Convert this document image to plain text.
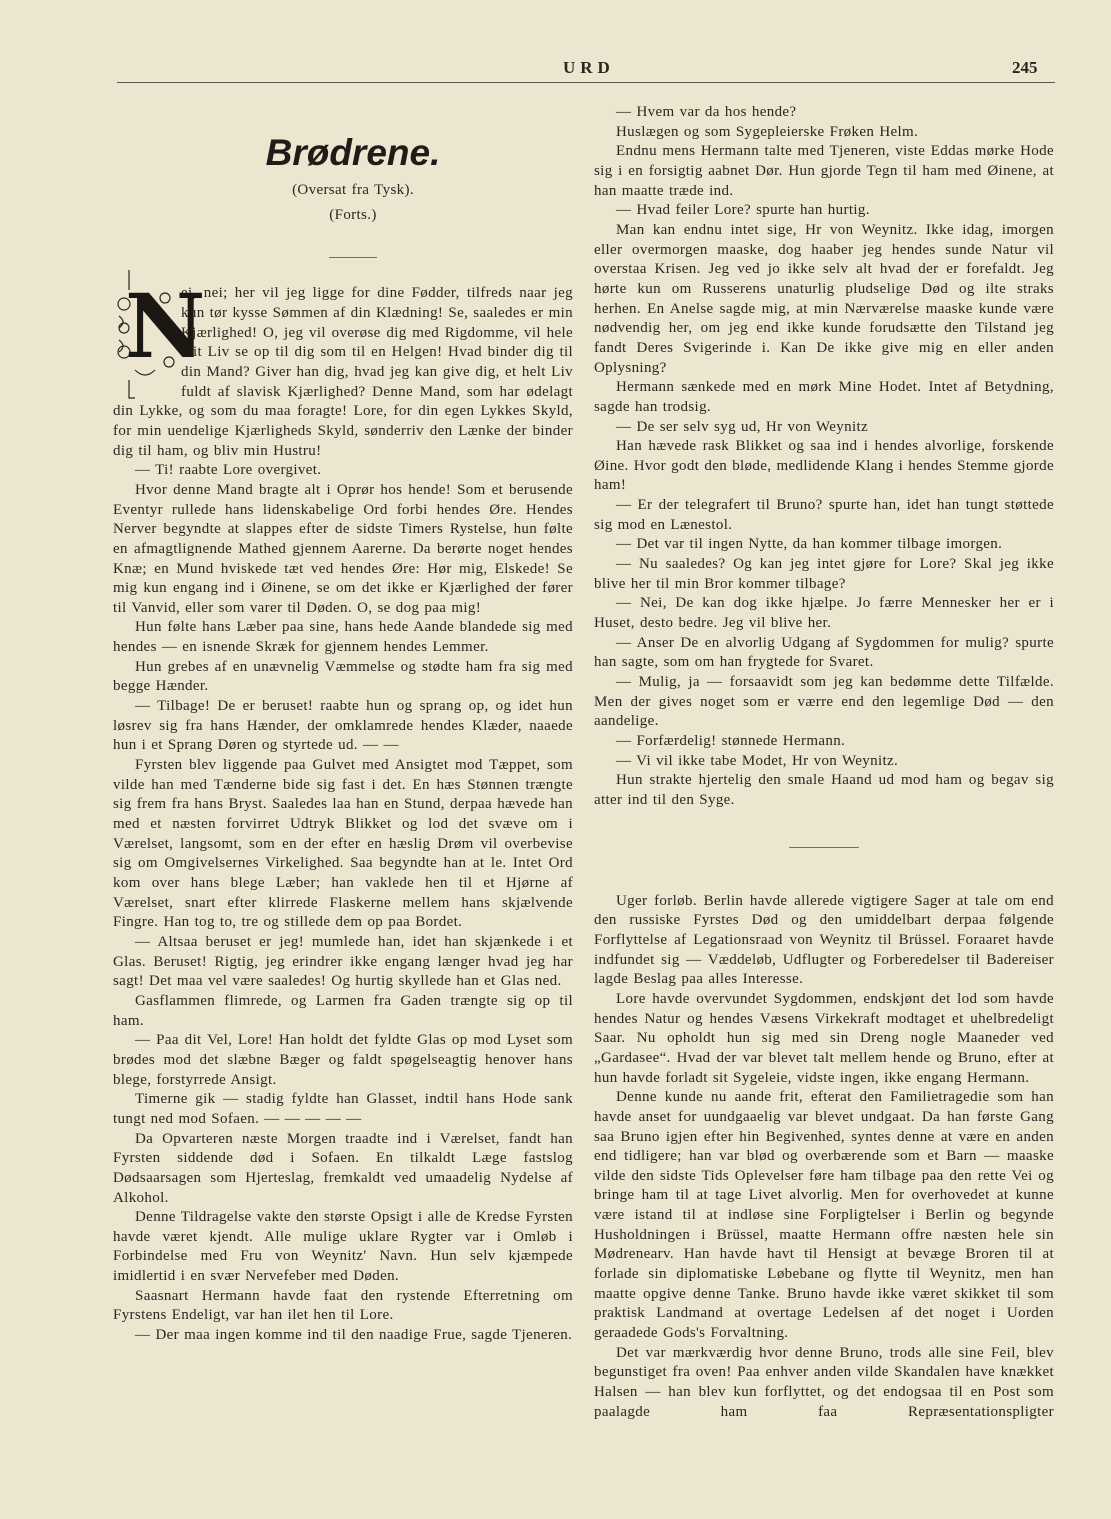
URD	245
Brødrene.
(Oversat fra Tysk).
(Forts.)

N
ei, nei; her vil jeg ligge for dine Fødder, tilfreds naar jeg kun tør kysse Sømmen af din Klædning! Se, saaledes er min Kjærlighed! O, jeg vil overøse dig med Rigdomme, vil hele mit Liv se op til dig som til en Helgen! Hvad binder dig til din Mand? Giver han dig, hvad jeg kan give dig, et helt Liv fuldt af slavisk Kjærlighed? Denne Mand, som har ødelagt din Lykke, og som du maa foragte! Lore, for din egen Lykkes Skyld, for min uendelige Kjærligheds Skyld, sønderriv den Lænke der binder dig til ham, og bliv min Hustru!

— Ti! raabte Lore overgivet.

Hvor denne Mand bragte alt i Oprør hos hende! Som et berusende Eventyr rullede hans lidenskabelige Ord forbi hendes Øre. Hendes Nerver begyndte at slappes efter de sidste Timers Rystelse, hun følte en afmagtlignende Mathed gjennem Aarerne. Da berørte noget hendes Knæ; en Mund hviskede tæt ved hendes Øre: Hør mig, Elskede! Se mig kun engang ind i Øinene, se om det ikke er Kjærlighed der fører til Vanvid, eller som varer til Døden. O, se dog paa mig!

Hun følte hans Læber paa sine, hans hede Aande blandede sig med hendes — en isnende Skræk for gjennem hendes Lemmer.

Hun grebes af en unævnelig Væmmelse og stødte ham fra sig med begge Hænder.

— Tilbage! De er beruset! raabte hun og sprang op, og idet hun løsrev sig fra hans Hænder, der omklamrede hendes Klæder, naaede hun i et Sprang Døren og styrtede ud. — —

Fyrsten blev liggende paa Gulvet med Ansigtet mod Tæppet, som vilde han med Tænderne bide sig fast i det. En hæs Stønnen trængte sig frem fra hans Bryst. Saaledes laa han en Stund, derpaa hævede han med et næsten forvirret Udtryk Blikket og lod det svæve om i Værelset, langsomt, som en der efter en hæslig Drøm vil overbevise sig om Omgivelsernes Virkelighed. Saa begyndte han at le. Intet Ord kom over hans blege Læber; han vaklede hen til et Hjørne af Værelset, snart efter klirrede Flaskerne mellem hans skjælvende Fingre. Han tog to, tre og stillede dem op paa Bordet.

— Altsaa beruset er jeg! mumlede han, idet han skjænkede i et Glas. Beruset! Rigtig, jeg erindrer ikke engang længer hvad jeg har sagt! Det maa vel være saaledes! Og hurtig skyllede han et Glas ned.

Gasflammen flimrede, og Larmen fra Gaden trængte sig op til ham.

— Paa dit Vel, Lore! Han holdt det fyldte Glas op mod Lyset som brødes mod det slæbne Bæger og faldt spøgelseagtig henover hans blege, forstyrrede Ansigt.

Timerne gik — stadig fyldte han Glasset, indtil hans Hode sank tungt ned mod Sofaen. — — — — —

Da Opvarteren næste Morgen traadte ind i Værelset, fandt han Fyrsten siddende død i Sofaen. En tilkaldt Læge fastslog Dødsaarsagen som Hjerteslag, fremkaldt ved umaadelig Nydelse af Alkohol.

Denne Tildragelse vakte den største Opsigt i alle de Kredse Fyrsten havde været kjendt. Alle mulige uklare Rygter var i Omløb i Forbindelse med Fru von Weynitz' Navn. Hun selv kjæmpede imidlertid i en svær Nervefeber med Døden.

Saasnart Hermann havde faat den rystende Efterretning om Fyrstens Endeligt, var han ilet hen til Lore.

— Der maa ingen komme ind til den naadige Frue, sagde Tjeneren.

— Hvem var da hos hende?

Huslægen og som Sygepleierske Frøken Helm.

Endnu mens Hermann talte med Tjeneren, viste Eddas mørke Hode sig i en forsigtig aabnet Dør. Hun gjorde Tegn til ham med Øinene, at han maatte træde ind.

— Hvad feiler Lore? spurte han hurtig.

Man kan endnu intet sige, Hr von Weynitz. Ikke idag, imorgen eller overmorgen maaske, dog haaber jeg hendes sunde Natur vil overstaa Krisen. Jeg ved jo ikke selv alt hvad der er forefaldt. Jeg hørte kun om Russerens unaturlig pludselige Død og ilte straks herhen. En Anelse sagde mig, at min Nærværelse maaske kunde være nødvendig her, om jeg end ikke kunde forudsætte den Tilstand jeg fandt Deres Svigerinde i. Kan De ikke give mig en eller anden Oplysning?

Hermann sænkede med en mørk Mine Hodet. Intet af Betydning, sagde han trodsig.

— De ser selv syg ud, Hr von Weynitz

Han hævede rask Blikket og saa ind i hendes alvorlige, forskende Øine. Hvor godt den bløde, medlidende Klang i hendes Stemme gjorde ham!

— Er der telegrafert til Bruno? spurte han, idet han tungt støttede sig mod en Lænestol.

— Det var til ingen Nytte, da han kommer tilbage imorgen.

— Nu saaledes? Og kan jeg intet gjøre for Lore? Skal jeg ikke blive her til min Bror kommer tilbage?

— Nei, De kan dog ikke hjælpe. Jo færre Mennesker her er i Huset, desto bedre. Jeg vil blive her.

— Anser De en alvorlig Udgang af Sygdommen for mulig? spurte han sagte, som om han frygtede for Svaret.

— Mulig, ja — forsaavidt som jeg kan bedømme dette Tilfælde. Men der gives noget som er værre end den legemlige Død — den aandelige.

— Forfærdelig! stønnede Hermann.

— Vi vil ikke tabe Modet, Hr von Weynitz.

Hun strakte hjertelig den smale Haand ud mod ham og begav sig atter ind til den Syge.

Uger forløb. Berlin havde allerede vigtigere Sager at tale om end den russiske Fyrstes Død og den umiddelbart derpaa følgende Forflyttelse af Legationsraad von Weynitz til Brüssel. Foraaret havde indfundet sig — Væddeløb, Udflugter og Forberedelser til Badereiser lagde Beslag paa alles Interesse.

Lore havde overvundet Sygdommen, endskjønt det lod som havde hendes Natur og hendes Væsens Virkekraft modtaget et uhelbredeligt Saar. Nu opholdt hun sig med sin Dreng nogle Maaneder ved „Gardasee“. Hvad der var blevet talt mellem hende og Bruno, efter at hun havde forladt sit Sygeleie, vidste ingen, ikke engang Hermann.

Denne kunde nu aande frit, efterat den Familietragedie som han havde anset for uundgaaelig var blevet undgaat. Da han første Gang saa Bruno igjen efter hin Begivenhed, syntes denne at være en anden end tidligere; han var blød og overbærende som et Barn — maaske vilde den sidste Tids Oplevelser føre ham tilbage paa den rette Vei og bringe ham til at tage Livet alvorlig. Men for overhovedet at kunne være istand til at indløse sine Forpligtelser i Berlin og begynde Husholdningen i Brüssel, maatte Hermann offre næsten hele sin Mødrenearv. Han havde havt til Hensigt at bevæge Broren til at forlade sin diplomatiske Løbebane og flytte til Weynitz, men han maatte opgive denne Tanke. Bruno havde ikke været skikket til som praktisk Landmand at overtage Ledelsen af det noget i Uorden geraadede Gods's Forvaltning.

Det var mærkværdig hvor denne Bruno, trods alle sine Feil, blev begunstiget fra oven! Paa enhver anden vilde Skandalen have knækket Halsen — han blev kun forflyttet, og det endogsaa til en Post som paalagde ham faa Repræsentationspligter
